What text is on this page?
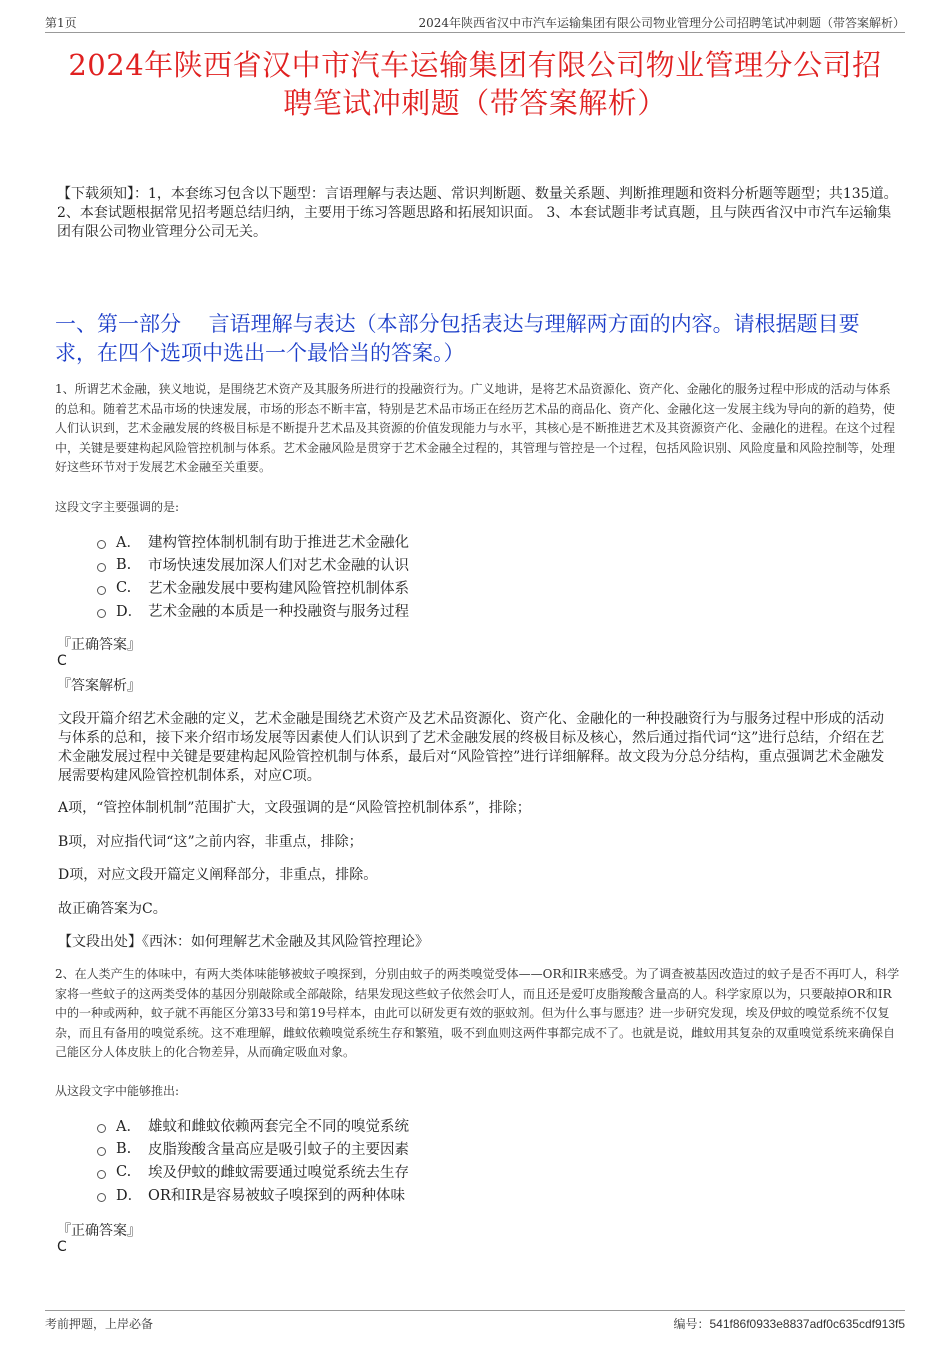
第1页	2024年陕西省汉中市汽车运输集团有限公司物业管理分公司招聘笔试冲刺题（带答案解析）
2024年陕西省汉中市汽车运输集团有限公司物业管理分公司招
聘笔试冲刺题（带答案解析）
【下载须知】：1，本套练习包含以下题型：言语理解与表达题、常识判断题、数量关系题、判断推理题和资料分析题等题型；共135道。 2、本套试题根据常见招考题总结归纳，主要用于练习答题思路和拓展知识面。 3、本套试题非考试真题，且与陕西省汉中市汽车运输集团有限公司物业管理分公司无关。
一、第一部分　 言语理解与表达（本部分包括表达与理解两方面的内容。请根据题目要求，在四个选项中选出一个最恰当的答案。）
1、所谓艺术金融，狭义地说，是围绕艺术资产及其服务所进行的投融资行为。广义地讲，是将艺术品资源化、资产化、金融化的服务过程中形成的活动与体系的总和。随着艺术品市场的快速发展，市场的形态不断丰富，特别是艺术品市场正在经历艺术品的商品化、资产化、金融化这一发展主线为导向的新的趋势，使人们认识到，艺术金融发展的终极目标是不断提升艺术品及其资源的价值发现能力与水平，其核心是不断推进艺术及其资源资产化、金融化的进程。在这个过程中，关键是要建构起风险管控机制与体系。艺术金融风险是贯穿于艺术金融全过程的，其管理与管控是一个过程，包括风险识别、风险度量和风险控制等，处理好这些环节对于发展艺术金融至关重要。
这段文字主要强调的是:
A． 建构管控体制机制有助于推进艺术金融化
B.	市场快速发展加深人们对艺术金融的认识
C.	艺术金融发展中要构建风险管控机制体系
D． 艺术金融的本质是一种投融资与服务过程
『正确答案』
C
『答案解析』
文段开篇介绍艺术金融的定义，艺术金融是围绕艺术资产及艺术品资源化、资产化、金融化的一种投融资行为与服务过程中形成的活动与体系的总和，接下来介绍市场发展等因素使人们认识到了艺术金融发展的终极目标及核心，然后通过指代词“这”进行总结，介绍在艺术金融发展过程中关键是要建构起风险管控机制与体系，最后对“风险管控”进行详细解释。故文段为分总分结构，重点强调艺术金融发展需要构建风险管控机制体系，对应C项。
A项，“管控体制机制”范围扩大，文段强调的是“风险管控机制体系”，排除；
B项，对应指代词“这”之前内容，非重点，排除；
D项，对应文段开篇定义阐释部分，非重点，排除。
故正确答案为C。
【文段出处】《西沐：如何理解艺术金融及其风险管控理论》
2、在人类产生的体味中，有两大类体味能够被蚊子嗅探到，分别由蚊子的两类嗅觉受体——OR和IR来感受。为了调查被基因改造过的蚊子是否不再叮人，科学家将一些蚊子的这两类受体的基因分别敲除或全部敲除，结果发现这些蚊子依然会叮人，而且还是爱叮皮脂羧酸含量高的人。科学家原以为，只要敲掉OR和IR中的一种或两种，蚊子就不再能区分第33号和第19号样本，由此可以研发更有效的驱蚊剂。但为什么事与愿违？进一步研究发现，埃及伊蚊的嗅觉系统不仅复杂，而且有备用的嗅觉系统。这不难理解，雌蚊依赖嗅觉系统生存和繁殖，吸不到血则这两件事都完成不了。也就是说，雌蚊用其复杂的双重嗅觉系统来确保自己能区分人体皮肤上的化合物差异，从而确定吸血对象。
从这段文字中能够推出:
A． 雄蚊和雌蚊依赖两套完全不同的嗅觉系统
B.	皮脂羧酸含量高应是吸引蚊子的主要因素
C.	埃及伊蚊的雌蚊需要通过嗅觉系统去生存
D． OR和IR是容易被蚊子嗅探到的两种体味
『正确答案』
C
考前押题，上岸必备	编号：541f86f0933e8837adf0c635cdf913f5
